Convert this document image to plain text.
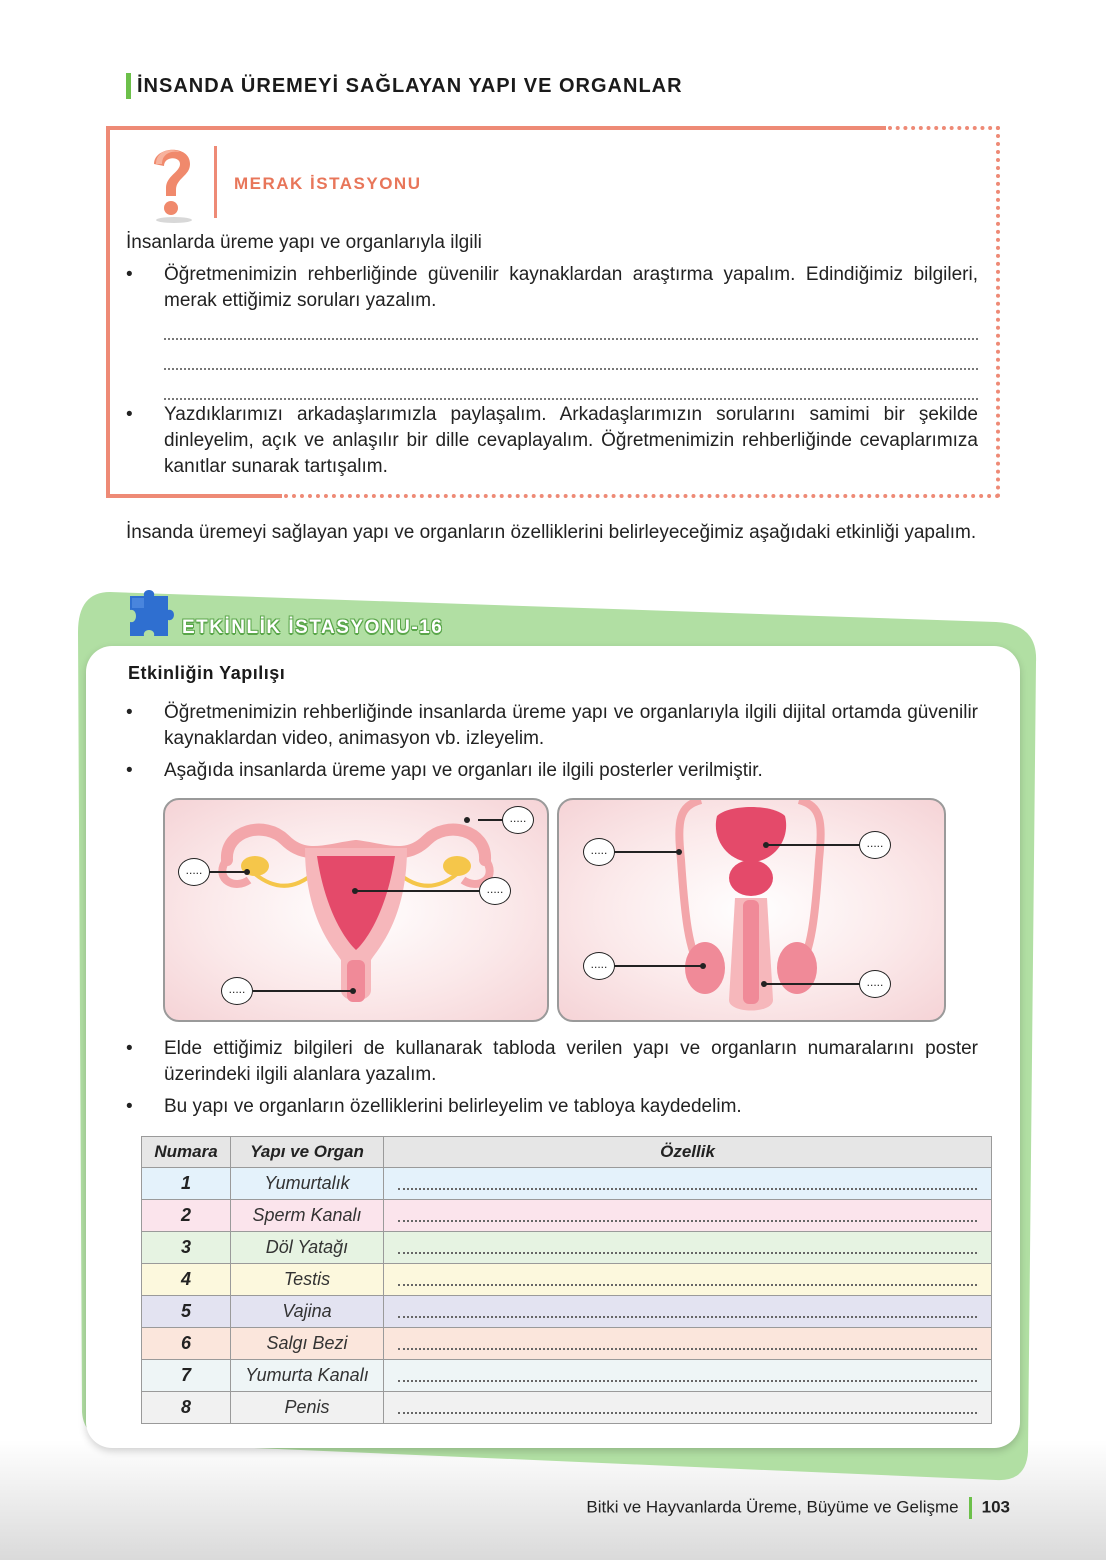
İNSANDA ÜREMEYİ SAĞLAYAN YAPI VE ORGANLAR
MERAK İSTASYONU
İnsanlarda üreme yapı ve organlarıyla ilgili
• Öğretmenimizin rehberliğinde güvenilir kaynaklardan araştırma yapalım. Edindiğimiz bilgileri, merak ettiğimiz soruları yazalım.
• Yazdıklarımızı arkadaşlarımızla paylaşalım. Arkadaşlarımızın sorularını samimi bir şekilde dinleyelim, açık ve anlaşılır bir dille cevaplayalım. Öğretmenimizin rehberliğinde cevaplarımıza kanıtlar sunarak tartışalım.
İnsanda üremeyi sağlayan yapı ve organların özelliklerini belirleyeceğimiz aşağıdaki etkinliği yapalım.
ETKİNLİK İSTASYONU-16
Etkinliğin Yapılışı
• Öğretmenimizin rehberliğinde insanlarda üreme yapı ve organlarıyla ilgili dijital ortamda güvenilir kaynaklardan video, animasyon vb. izleyelim.
• Aşağıda insanlarda üreme yapı ve organları ile ilgili posterler verilmiştir.
.....
.....
.....
.....
.....	.....
.....
.....
• Elde ettiğimiz bilgileri de kullanarak tabloda verilen yapı ve organların numaralarını poster üzerindeki ilgili alanlara yazalım.
• Bu yapı ve organların özelliklerini belirleyelim ve tabloya kaydedelim.
Numara	Yapı ve Organ	Özellik
1	Yumurtalık	

2	Sperm Kanalı	

3	Döl Yatağı	

4	Testis	

5	Vajina	

6	Salgı Bezi	

7	Yumurta Kanalı	

8	Penis	
Bitki ve Hayvanlarda Üreme, Büyüme ve Gelişme 103
